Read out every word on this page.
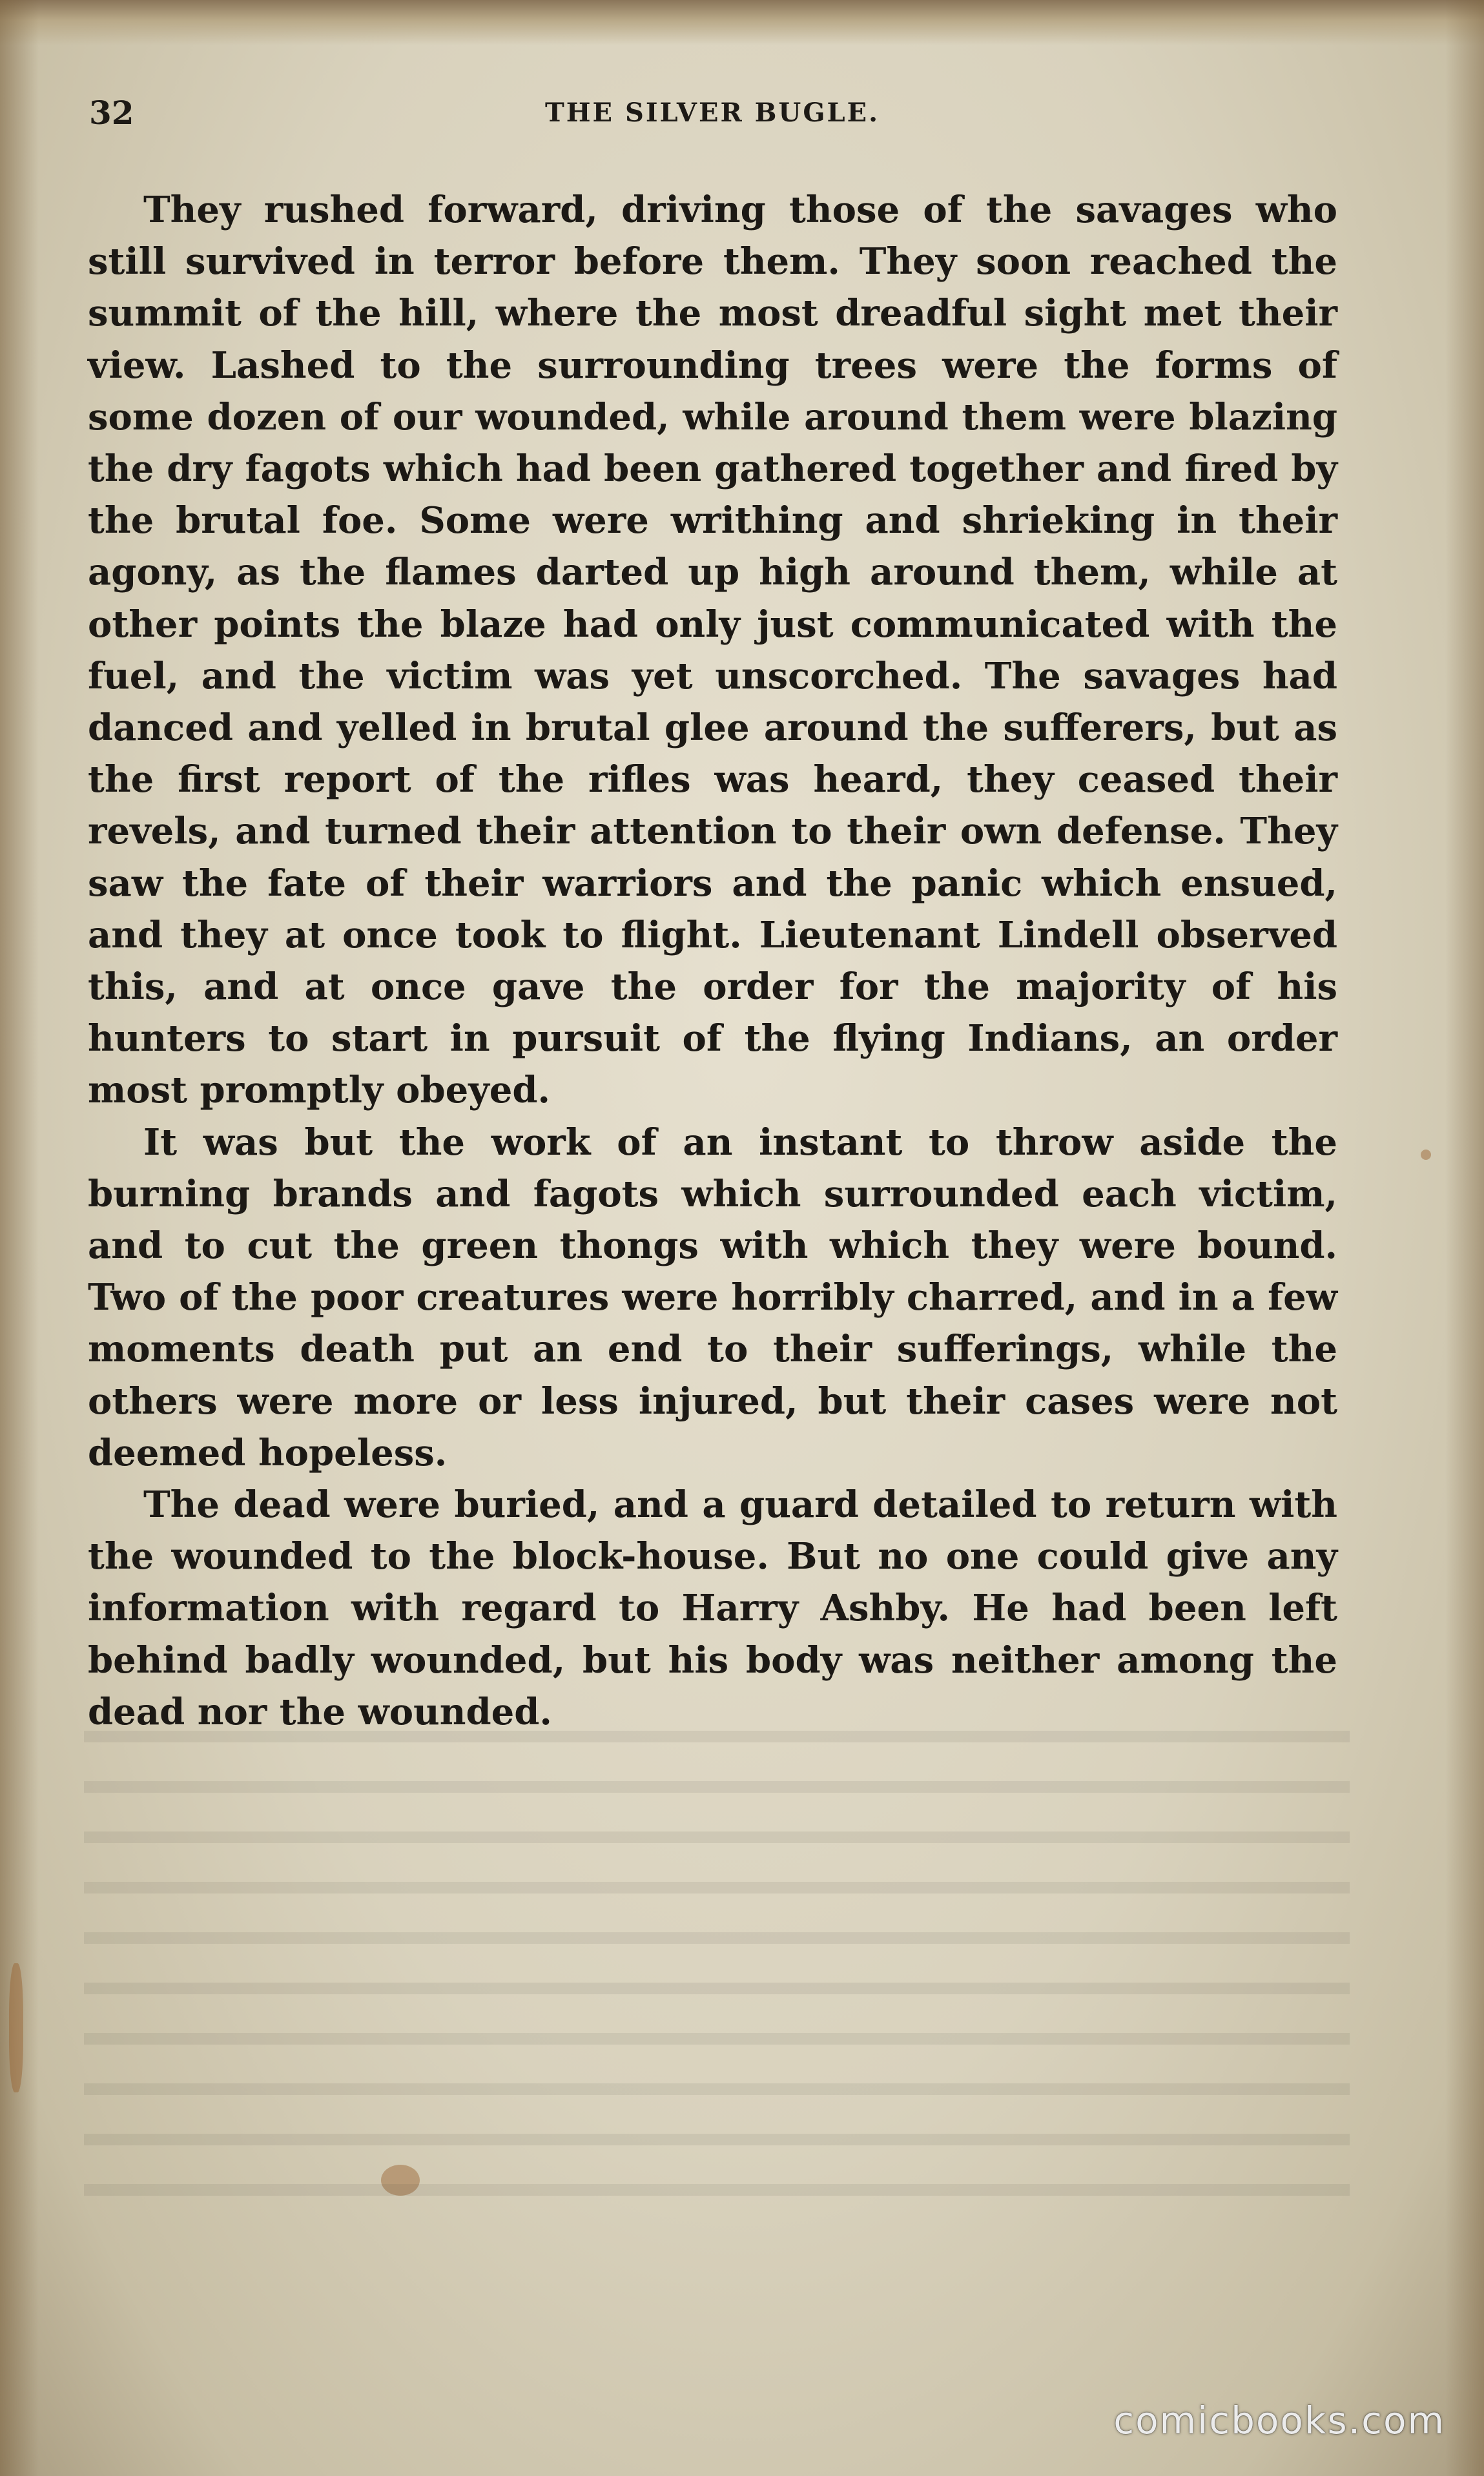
32	THE SILVER BUGLE.

They rushed forward, driving those of the savages who still survived in terror before them. They soon reached the summit of the hill, where the most dreadful sight met their view. Lashed to the surrounding trees were the forms of some dozen of our wounded, while around them were blazing the dry fagots which had been gathered together and fired by the brutal foe. Some were writhing and shrieking in their agony, as the flames darted up high around them, while at other points the blaze had only just communicated with the fuel, and the victim was yet unscorched. The savages had danced and yelled in brutal glee around the sufferers, but as the first report of the rifles was heard, they ceased their revels, and turned their attention to their own defense. They saw the fate of their warriors and the panic which ensued, and they at once took to flight. Lieutenant Lindell observed this, and at once gave the order for the majority of his hunters to start in pursuit of the flying Indians, an order most promptly obeyed.

It was but the work of an instant to throw aside the burning brands and fagots which surrounded each victim, and to cut the green thongs with which they were bound. Two of the poor creatures were horribly charred, and in a few moments death put an end to their sufferings, while the others were more or less injured, but their cases were not deemed hopeless.

The dead were buried, and a guard detailed to return with the wounded to the block-house. But no one could give any information with regard to Harry Ashby. He had been left behind badly wounded, but his body was neither among the dead nor the wounded.

comicbooks.com
